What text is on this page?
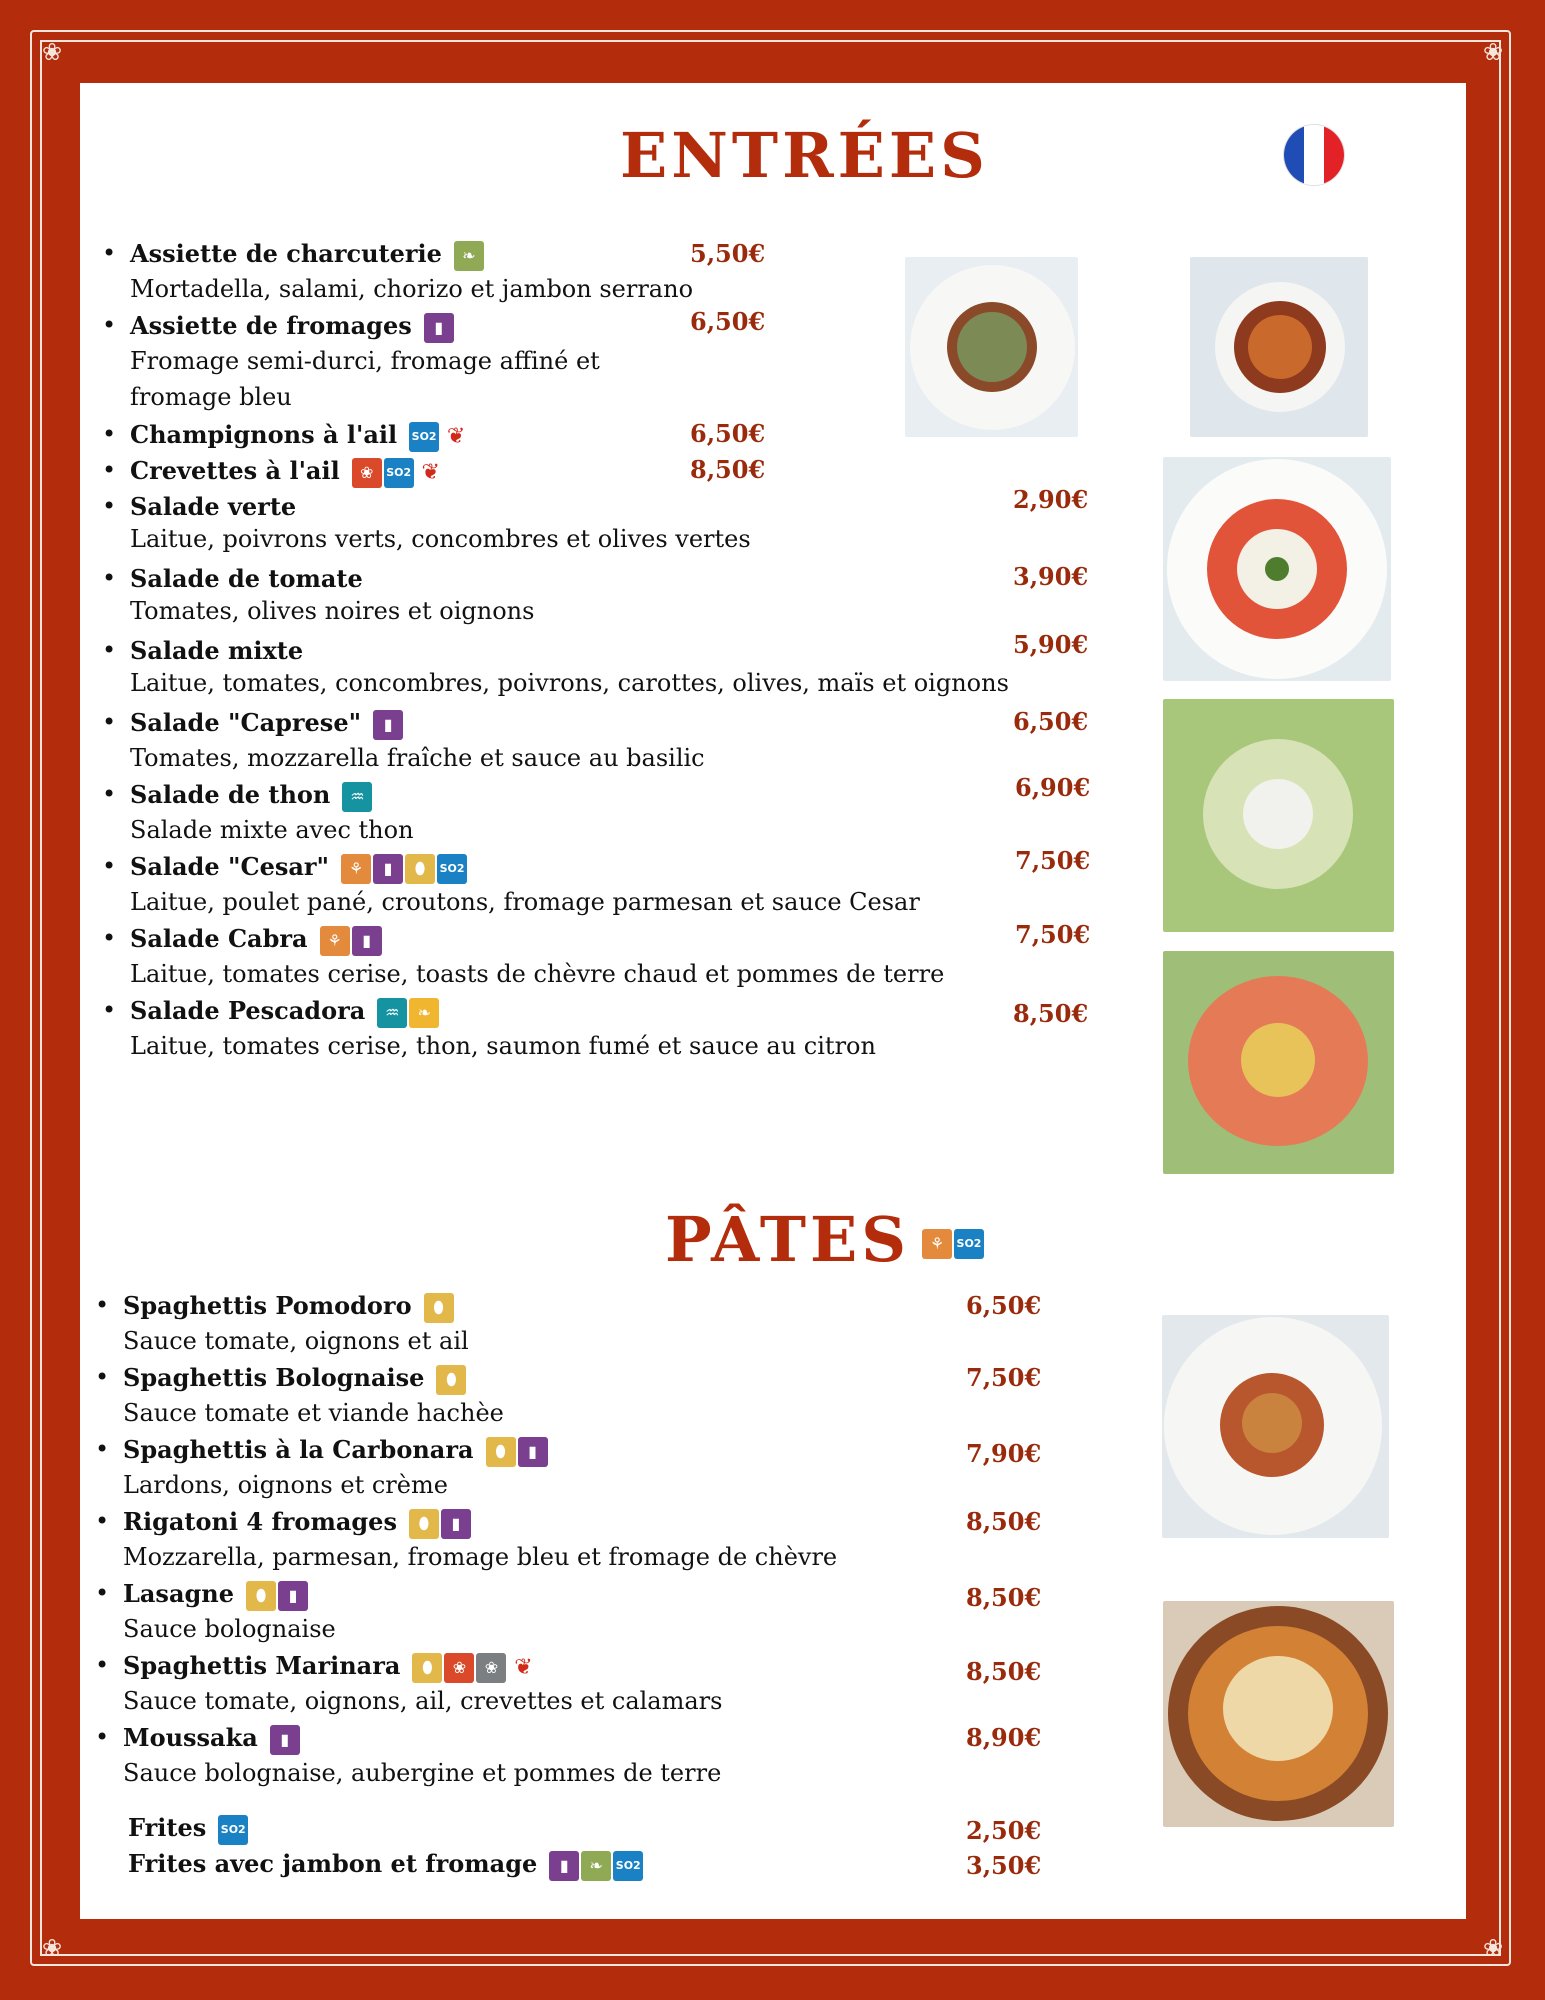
❀	❀
❀	❀
ENTRÉES
• Assiette de charcuterie	❧
Mortadella, salami, chorizo et jambon serrano
5,50€
• Assiette de fromages	▮
Fromage semi-durci, fromage affiné et
fromage bleu
6,50€
• Champignons à l'ail SO2 ❦	6,50€
• Crevettes à l'ail	❀	SO2 ❦	8,50€
• Salade verte
Laitue, poivrons verts, concombres et olives vertes
2,90€
• Salade de tomate
Tomates, olives noires et oignons
3,90€
• Salade mixte
Laitue, tomates, concombres, poivrons, carottes, olives, maïs et oignons
5,90€
• Salade "Caprese"	▮
Tomates, mozzarella fraîche et sauce au basilic
6,50€
• Salade de thon	♒
Salade mixte avec thon
6,90€
• Salade "Cesar"	⚘	▮	⬮	SO2
Laitue, poulet pané, croutons, fromage parmesan et sauce Cesar
7,50€
• Salade Cabra	⚘	▮
Laitue, tomates cerise, toasts de chèvre chaud et pommes de terre
7,50€
• Salade Pescadora	♒	❧
Laitue, tomates cerise, thon, saumon fumé et sauce au citron
8,50€
PÂTES	⚘	SO2
• Spaghettis Pomodoro	⬮
Sauce tomate, oignons et ail
6,50€
• Spaghettis Bolognaise	⬮
Sauce tomate et viande hachèe
7,50€
• Spaghettis à la Carbonara	⬮	▮
Lardons, oignons et crème
7,90€
• Rigatoni 4 fromages	⬮	▮
Mozzarella, parmesan, fromage bleu et fromage de chèvre
8,50€
• Lasagne	⬮	▮
Sauce bolognaise
8,50€
• Spaghettis Marinara	⬮	❀	❀ ❦
Sauce tomate, oignons, ail, crevettes et calamars
8,50€
• Moussaka	▮
Sauce bolognaise, aubergine et pommes de terre
8,90€
Frites SO2	2,50€
Frites avec jambon et fromage	▮	❧	SO2	3,50€
